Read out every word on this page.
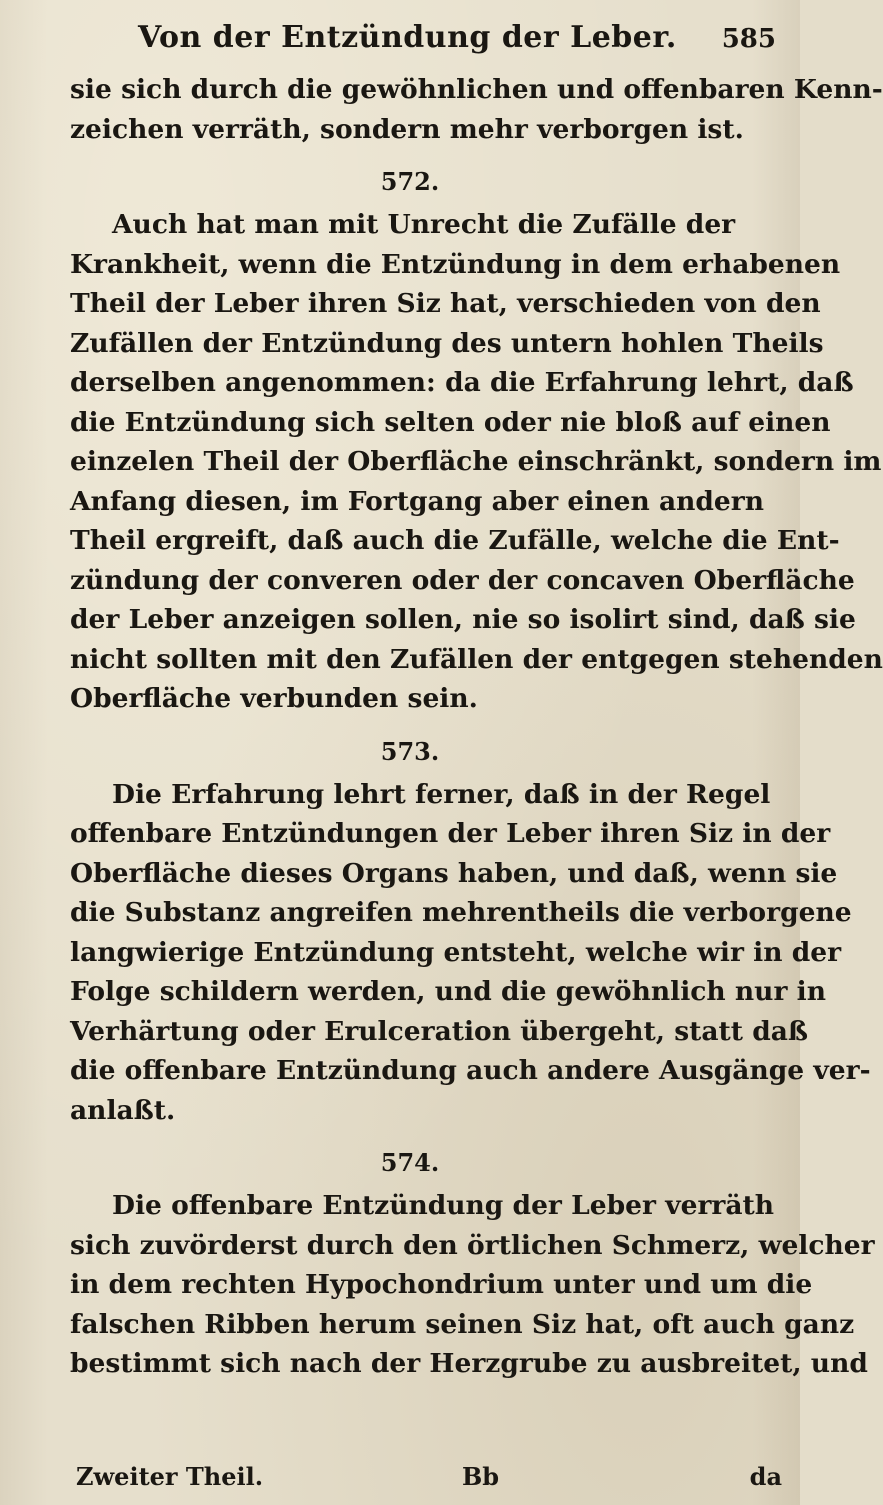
Von der Entzündung der Leber. 585

sie sich durch die gewöhnlichen und offenbaren Kenn-
zeichen verräth, sondern mehr verborgen ist.

572.

Auch hat man mit Unrecht die Zufälle der
Krankheit, wenn die Entzündung in dem erhabenen
Theil der Leber ihren Siz hat, verschieden von den
Zufällen der Entzündung des untern hohlen Theils
derselben angenommen: da die Erfahrung lehrt, daß
die Entzündung sich selten oder nie bloß auf einen
einzelen Theil der Oberfläche einschränkt, sondern im
Anfang diesen, im Fortgang aber einen andern
Theil ergreift, daß auch die Zufälle, welche die Ent-
zündung der converen oder der concaven Oberfläche
der Leber anzeigen sollen, nie so isolirt sind, daß sie
nicht sollten mit den Zufällen der entgegen stehenden
Oberfläche verbunden sein.

573.

Die Erfahrung lehrt ferner, daß in der Regel
offenbare Entzündungen der Leber ihren Siz in der
Oberfläche dieses Organs haben, und daß, wenn sie
die Substanz angreifen mehrentheils die verborgene
langwierige Entzündung entsteht, welche wir in der
Folge schildern werden, und die gewöhnlich nur in
Verhärtung oder Erulceration übergeht, statt daß
die offenbare Entzündung auch andere Ausgänge ver-
anlaßt.

574.

Die offenbare Entzündung der Leber verräth
sich zuvörderst durch den örtlichen Schmerz, welcher
in dem rechten Hypochondrium unter und um die
falschen Ribben herum seinen Siz hat, oft auch ganz
bestimmt sich nach der Herzgrube zu ausbreitet, und

Zweiter Theil.	Bb	da
